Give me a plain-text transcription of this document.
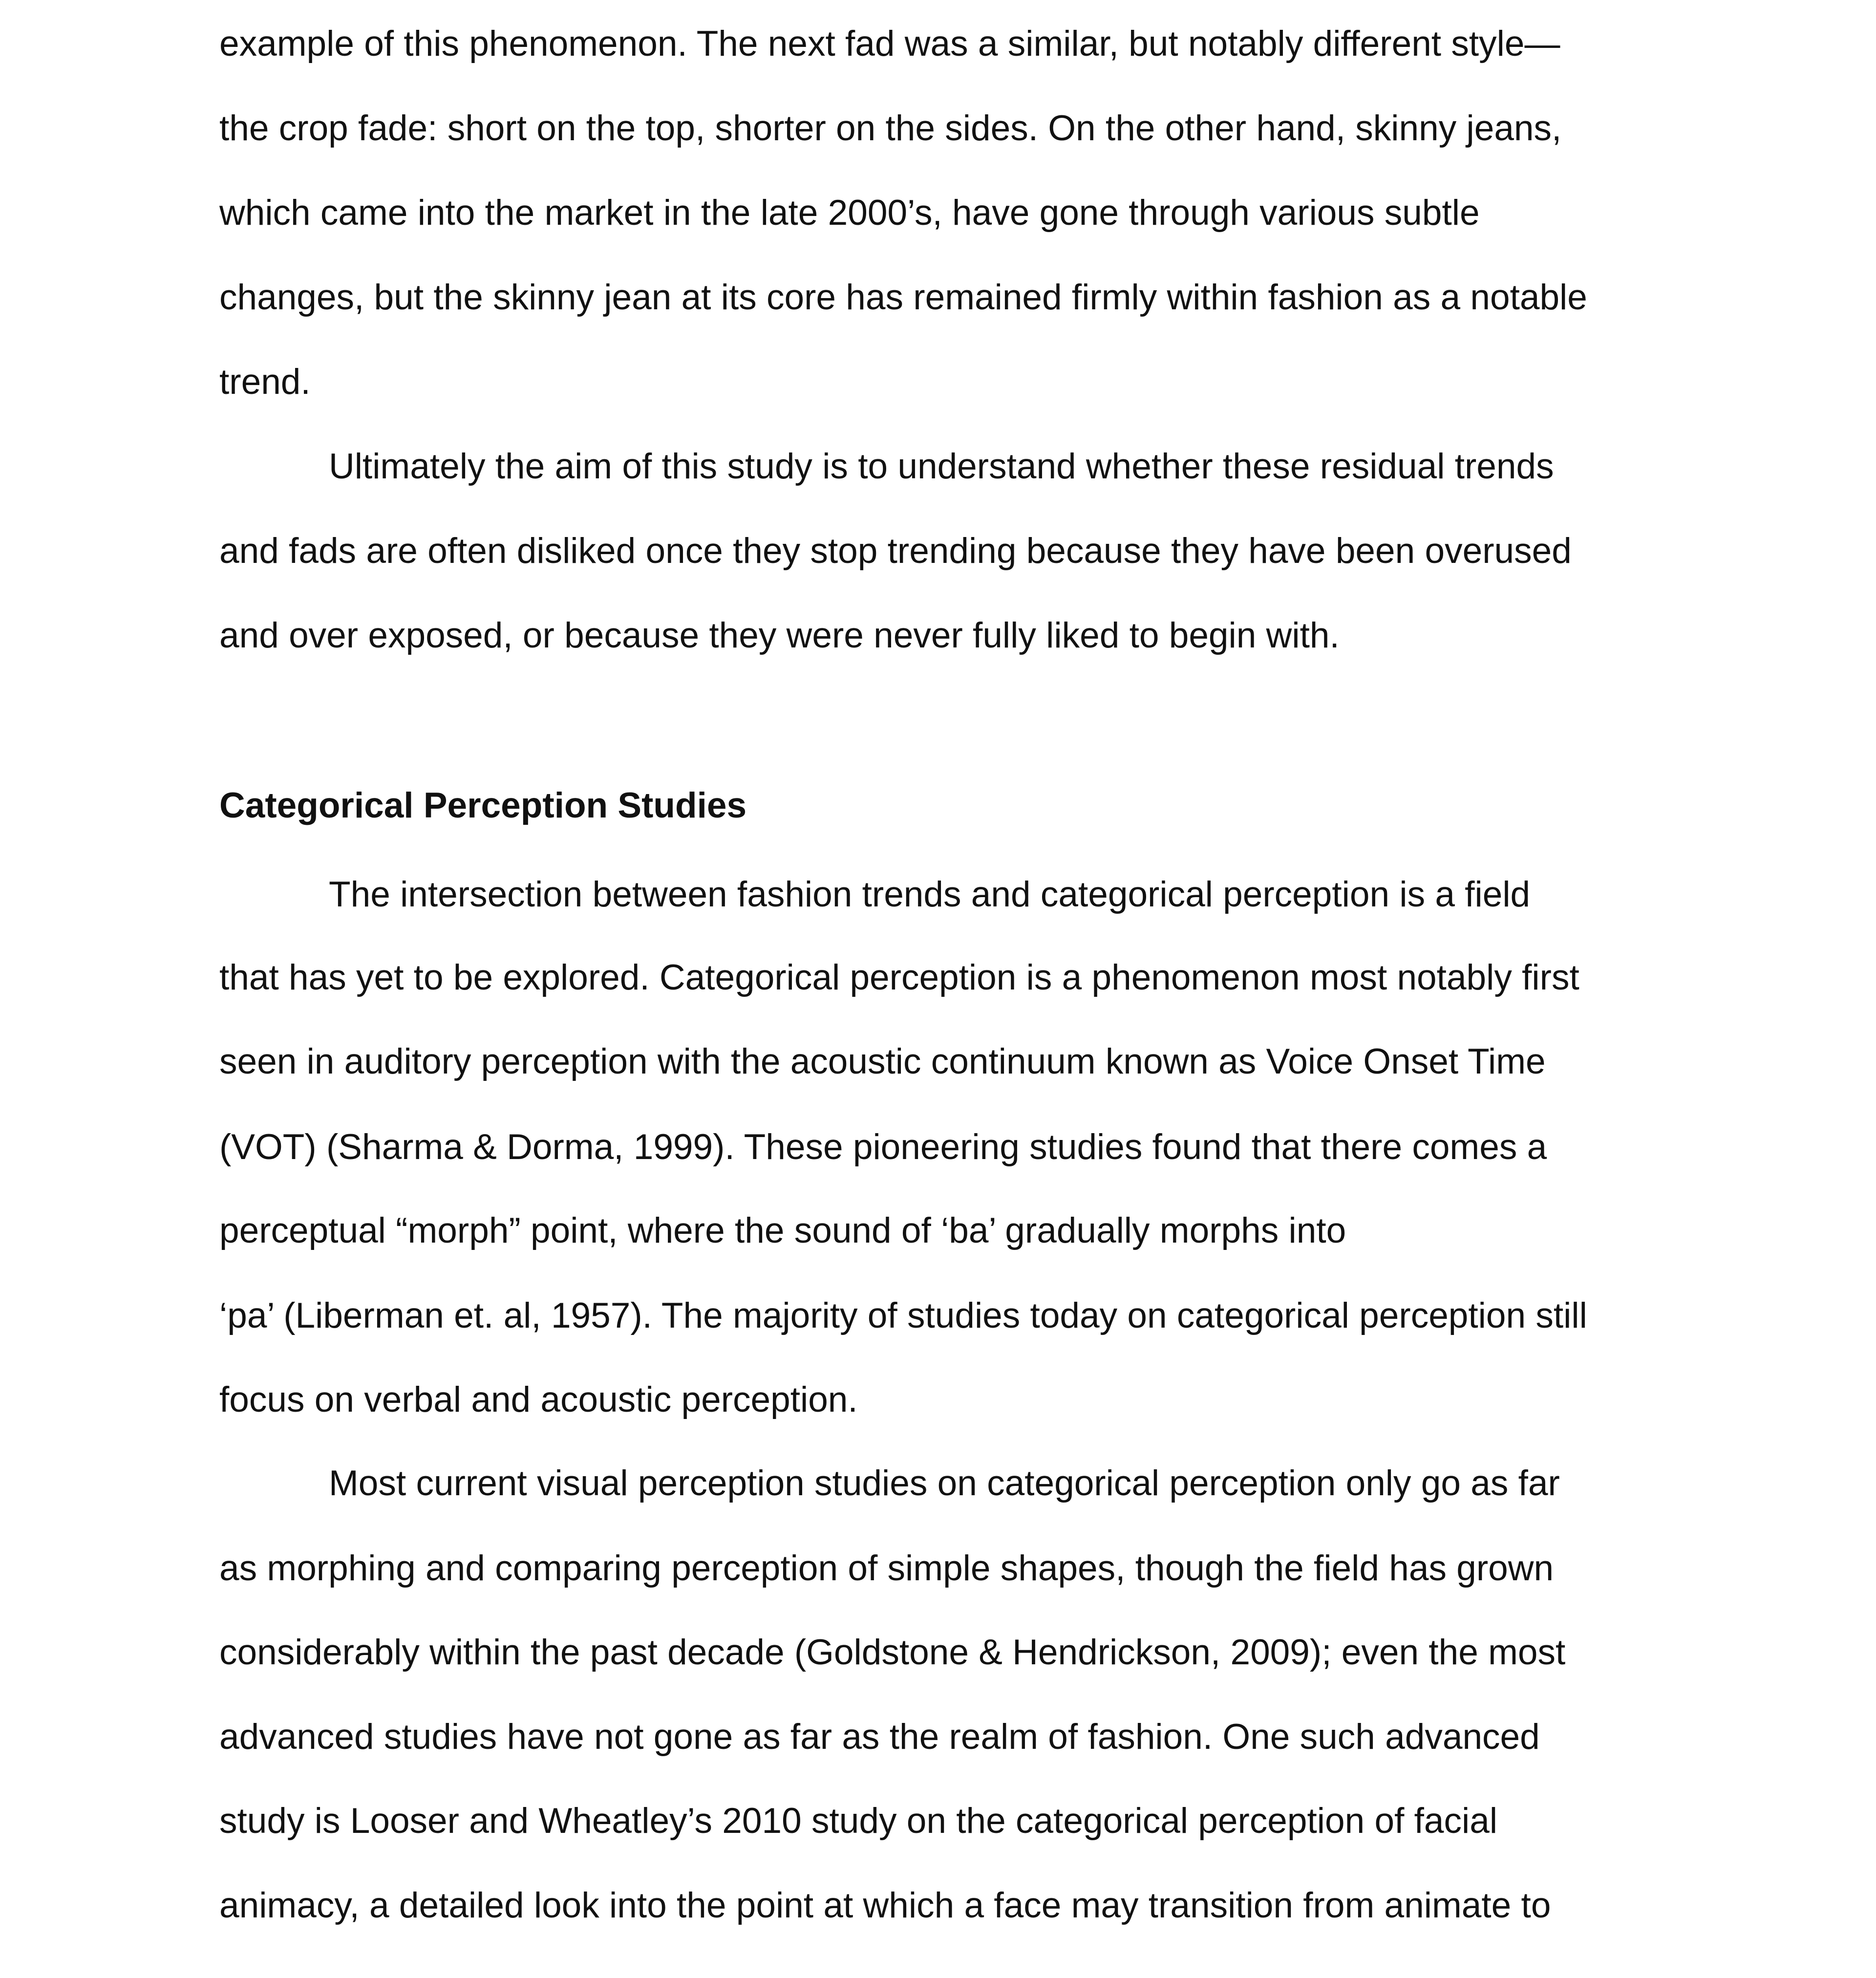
example of this phenomenon. The next fad was a similar, but notably different style—

the crop fade: short on the top, shorter on the sides. On the other hand, skinny jeans,

which came into the market in the late 2000’s, have gone through various subtle

changes, but the skinny jean at its core has remained firmly within fashion as a notable

trend.

Ultimately the aim of this study is to understand whether these residual trends

and fads are often disliked once they stop trending because they have been overused

and over exposed, or because they were never fully liked to begin with.

Categorical Perception Studies

The intersection between fashion trends and categorical perception is a field

that has yet to be explored. Categorical perception is a phenomenon most notably first

seen in auditory perception with the acoustic continuum known as Voice Onset Time

(VOT) (Sharma & Dorma, 1999). These pioneering studies found that there comes a

perceptual “morph” point, where the sound of ‘ba’ gradually morphs into

‘pa’ (Liberman et. al, 1957). The majority of studies today on categorical perception still

focus on verbal and acoustic perception.

Most current visual perception studies on categorical perception only go as far

as morphing and comparing perception of simple shapes, though the field has grown

considerably within the past decade (Goldstone & Hendrickson, 2009); even the most

advanced studies have not gone as far as the realm of fashion. One such advanced

study is Looser and Wheatley’s 2010 study on the categorical perception of facial

animacy, a detailed look into the point at which a face may transition from animate to
